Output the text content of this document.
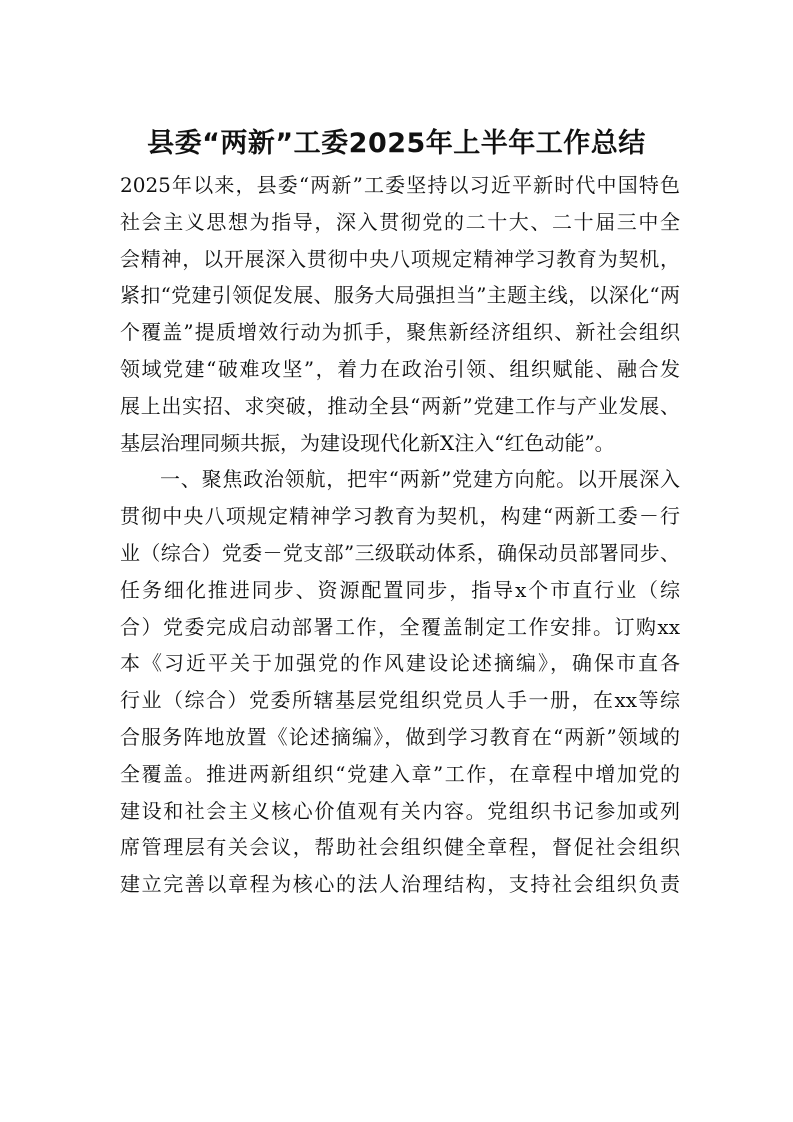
县委“两新”工委2025年上半年工作总结
2025年以来，县委“两新”工委坚持以习近平新时代中国特色
社会主义思想为指导，深入贯彻党的二十大、二十届三中全
会精神，以开展深入贯彻中央八项规定精神学习教育为契机，
紧扣“党建引领促发展、服务大局强担当”主题主线，以深化“两
个覆盖”提质增效行动为抓手，聚焦新经济组织、新社会组织
领域党建“破难攻坚”，着力在政治引领、组织赋能、融合发
展上出实招、求突破，推动全县“两新”党建工作与产业发展、
基层治理同频共振，为建设现代化新X注入“红色动能”。
一、聚焦政治领航，把牢“两新”党建方向舵。以开展深入
贯彻中央八项规定精神学习教育为契机，构建“两新工委－行
业（综合）党委－党支部”三级联动体系，确保动员部署同步、
任务细化推进同步、资源配置同步，指导x个市直行业（综
合）党委完成启动部署工作，全覆盖制定工作安排。订购xx
本《习近平关于加强党的作风建设论述摘编》，确保市直各
行业（综合）党委所辖基层党组织党员人手一册，在xx等综
合服务阵地放置《论述摘编》，做到学习教育在“两新”领域的
全覆盖。推进两新组织“党建入章”工作，在章程中增加党的
建设和社会主义核心价值观有关内容。党组织书记参加或列
席管理层有关会议，帮助社会组织健全章程，督促社会组织
建立完善以章程为核心的法人治理结构，支持社会组织负责
